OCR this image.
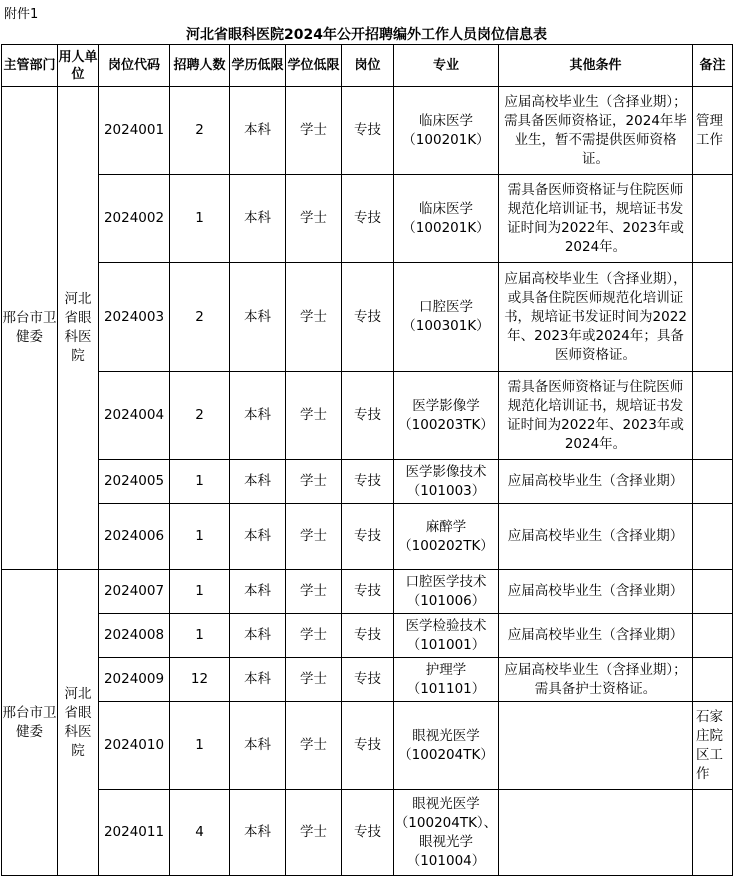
附件1
河北省眼科医院2024年公开招聘编外工作人员岗位信息表
主管部门	用人单位	岗位代码	招聘人数	学历低限	学位低限	岗位	专业	其他条件	备注
邢台市卫健委	河北省眼科医院	2024001	2	本科	学士	专技	临床医学（100201K）	应届高校毕业生（含择业期）；需具备医师资格证，2024年毕业生，暂不需提供医师资格证。	管理工作
		2024002	1	本科	学士	专技	临床医学（100201K）	需具备医师资格证与住院医师规范化培训证书，规培证书发证时间为2022年、2023年或2024年。	
		2024003	2	本科	学士	专技	口腔医学（100301K）	应届高校毕业生（含择业期），或具备住院医师规范化培训证书，规培证书发证时间为2022年、2023年或2024年；具备医师资格证。	
		2024004	2	本科	学士	专技	医学影像学（100203TK）	需具备医师资格证与住院医师规范化培训证书，规培证书发证时间为2022年、2023年或2024年。	
		2024005	1	本科	学士	专技	医学影像技术（101003）	应届高校毕业生（含择业期）	
		2024006	1	本科	学士	专技	麻醉学（100202TK）	应届高校毕业生（含择业期）	
邢台市卫健委	河北省眼科医院	2024007	1	本科	学士	专技	口腔医学技术（101006）	应届高校毕业生（含择业期）	
		2024008	1	本科	学士	专技	医学检验技术（101001）	应届高校毕业生（含择业期）	
		2024009	12	本科	学士	专技	护理学（101101）	应届高校毕业生（含择业期）；需具备护士资格证。	
		2024010	1	本科	学士	专技	眼视光医学（100204TK）		石家庄院区工作
		2024011	4	本科	学士	专技	眼视光医学（100204TK）、眼视光学（101004）		
